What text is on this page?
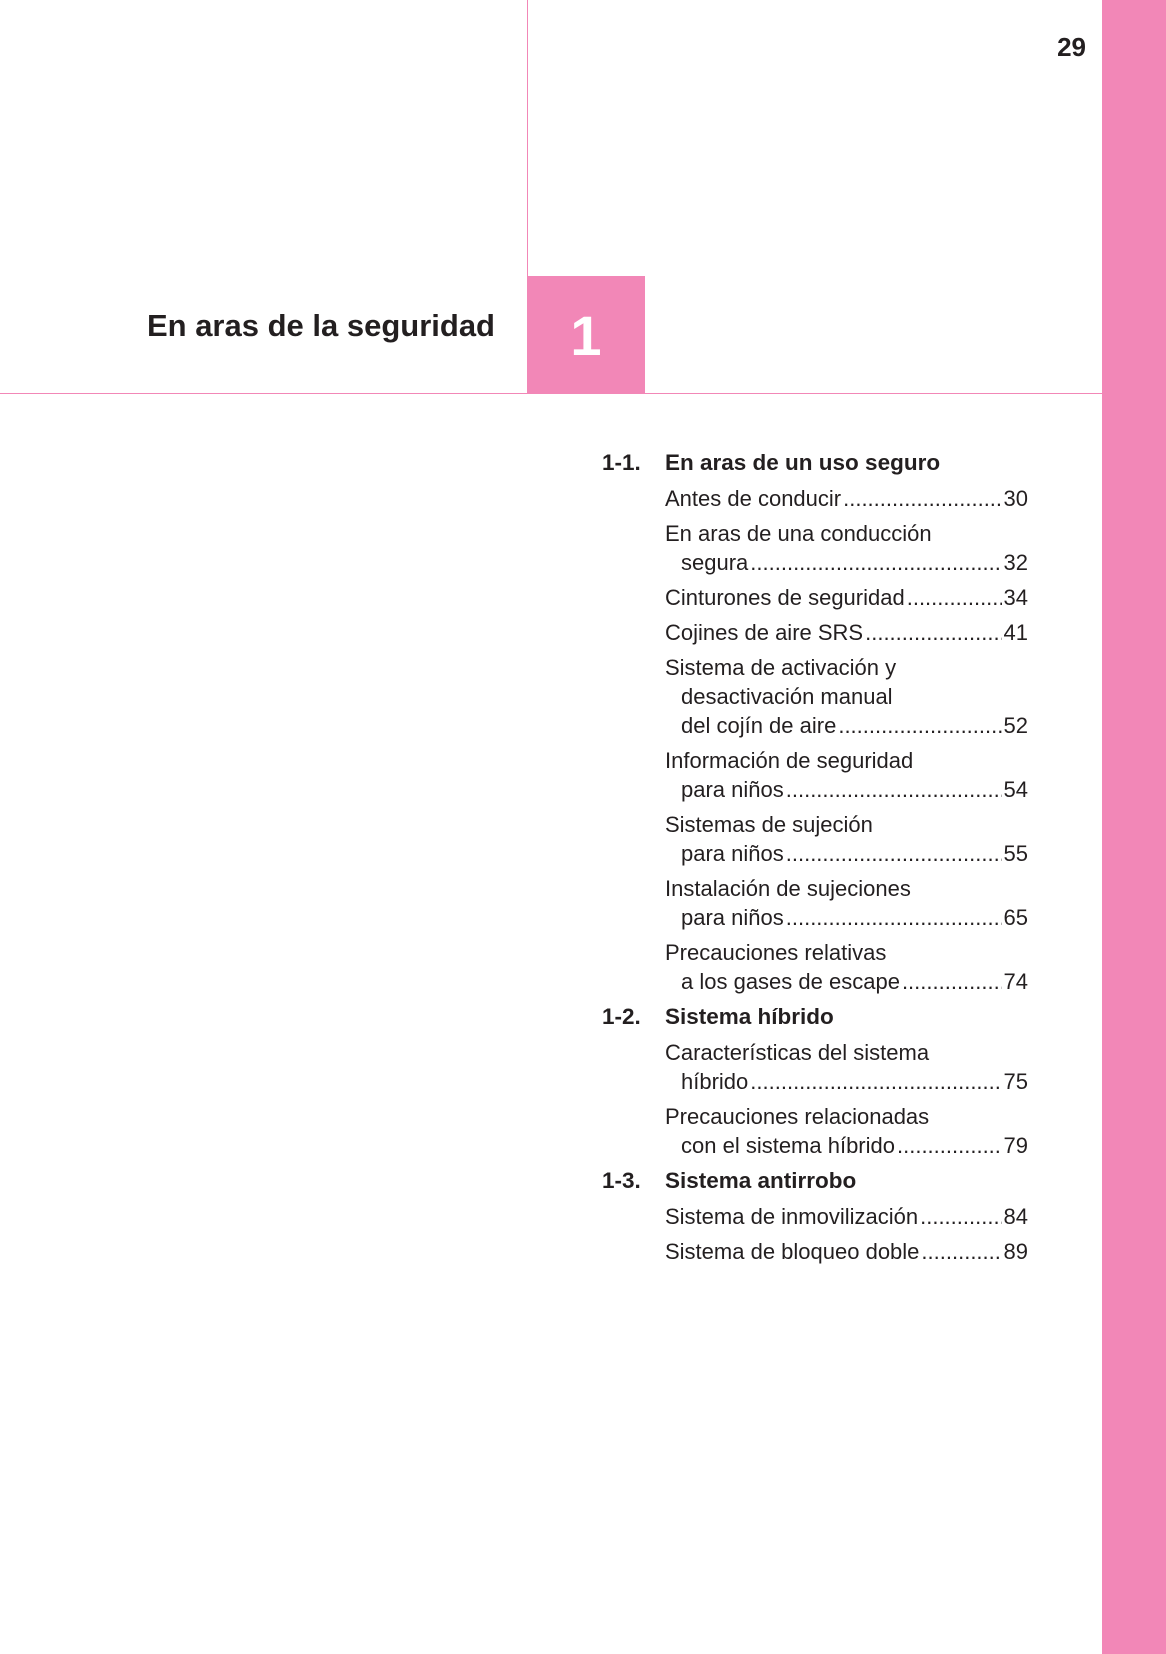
29
En aras de la seguridad 1
1-1.	En aras de un uso seguro
Antes de conducir .....	30
En aras de una conducción
segura .....	32
Cinturones de seguridad .....	34
Cojines de aire SRS .....	41
Sistema de activación y
desactivación manual
del cojín de aire .....	52
Información de seguridad
para niños .....	54
Sistemas de sujeción
para niños .....	55
Instalación de sujeciones
para niños .....	65
Precauciones relativas
a los gases de escape .....	74
1-2.	Sistema híbrido
Características del sistema
híbrido .....	75
Precauciones relacionadas
con el sistema híbrido .....	79
1-3.	Sistema antirrobo
Sistema de inmovilización .....	84
Sistema de bloqueo doble .....	89
